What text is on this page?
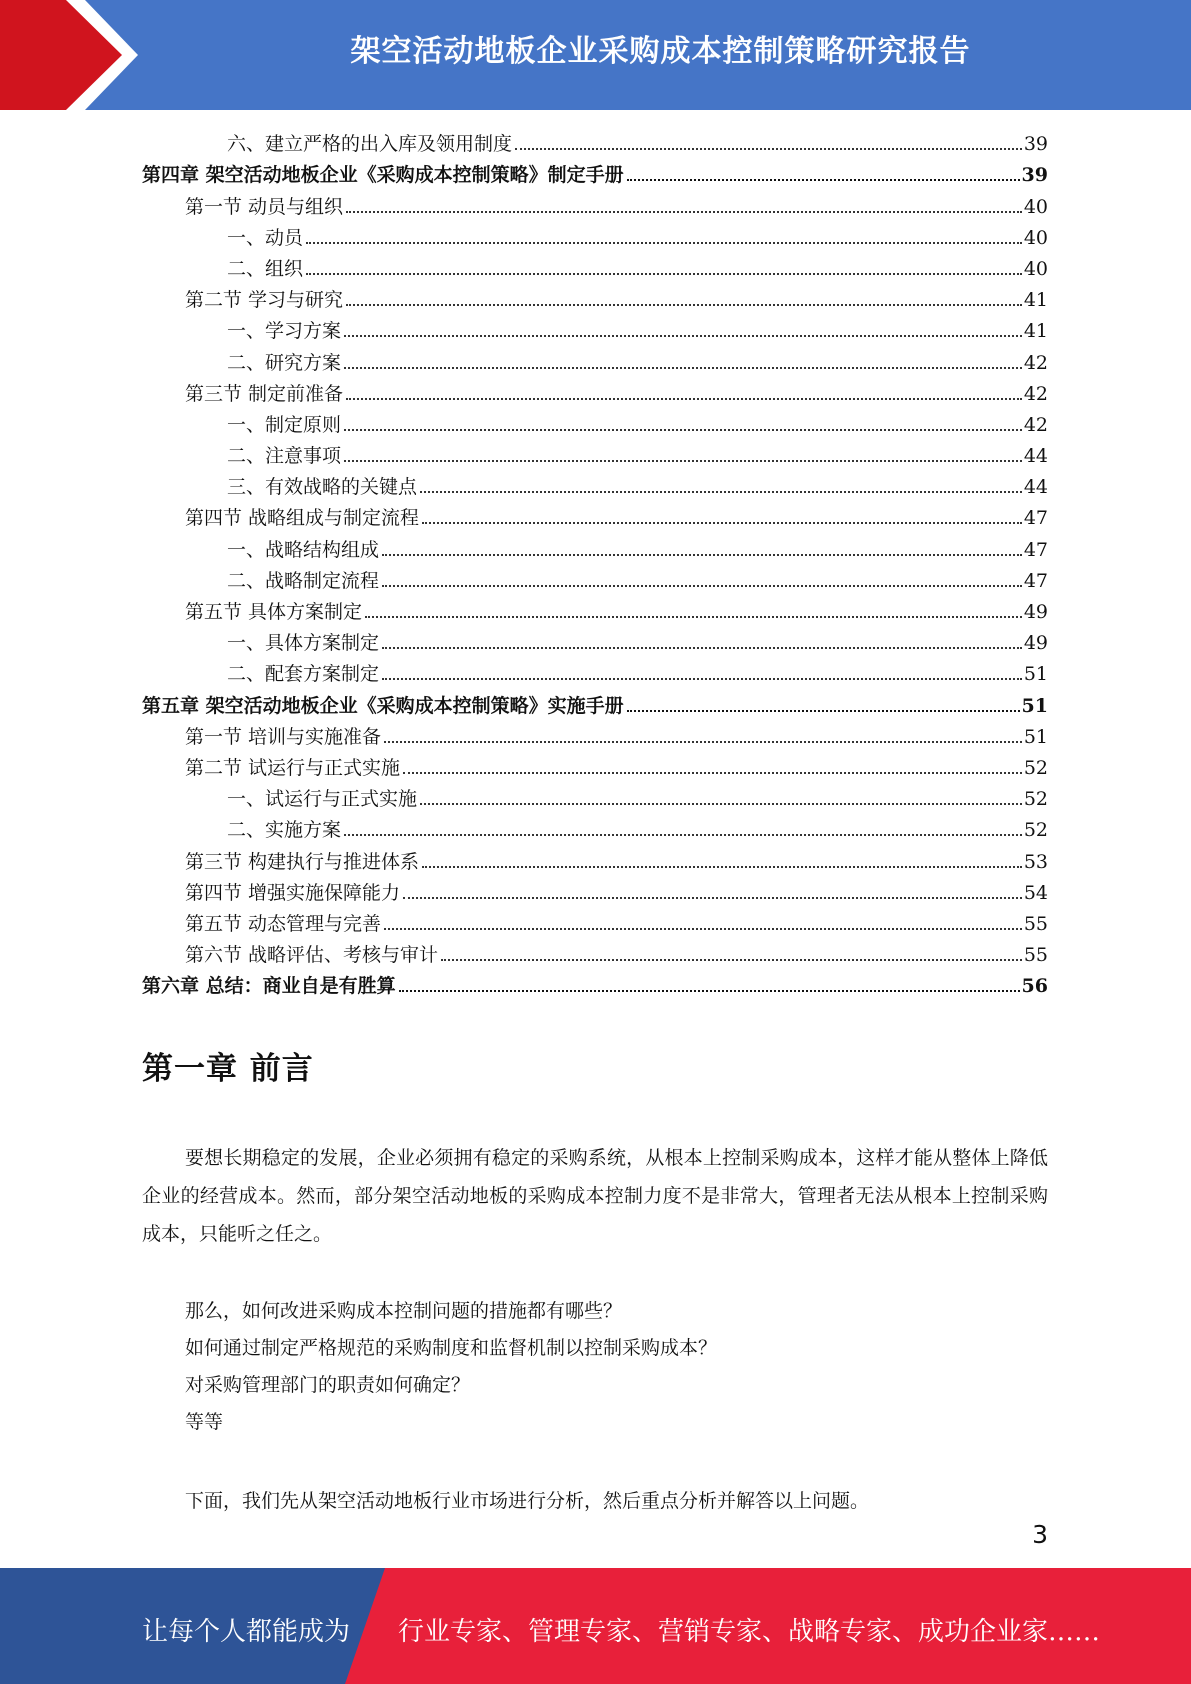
架空活动地板企业采购成本控制策略研究报告
六、建立严格的出入库及领用制度	39
第四章 架空活动地板企业《采购成本控制策略》制定手册	39
第一节 动员与组织	40
一、动员	40
二、组织	40
第二节 学习与研究	41
一、学习方案	41
二、研究方案	42
第三节 制定前准备	42
一、制定原则	42
二、注意事项	44
三、有效战略的关键点	44
第四节 战略组成与制定流程	47
一、战略结构组成	47
二、战略制定流程	47
第五节 具体方案制定	49
一、具体方案制定	49
二、配套方案制定	51
第五章 架空活动地板企业《采购成本控制策略》实施手册	51
第一节 培训与实施准备	51
第二节 试运行与正式实施	52
一、试运行与正式实施	52
二、实施方案	52
第三节 构建执行与推进体系	53
第四节 增强实施保障能力	54
第五节 动态管理与完善	55
第六节 战略评估、考核与审计	55
第六章 总结：商业自是有胜算	56
第一章 前言

要想长期稳定的发展，企业必须拥有稳定的采购系统，从根本上控制采购成本，这样才能从整体上降低企业的经营成本。然而，部分架空活动地板的采购成本控制力度不是非常大，管理者无法从根本上控制采购成本，只能听之任之。

那么，如何改进采购成本控制问题的措施都有哪些？

如何通过制定严格规范的采购制度和监督机制以控制采购成本？

对采购管理部门的职责如何确定？

等等

下面，我们先从架空活动地板行业市场进行分析，然后重点分析并解答以上问题。

3
让每个人都能成为 行业专家、管理专家、营销专家、战略专家、成功企业家……
